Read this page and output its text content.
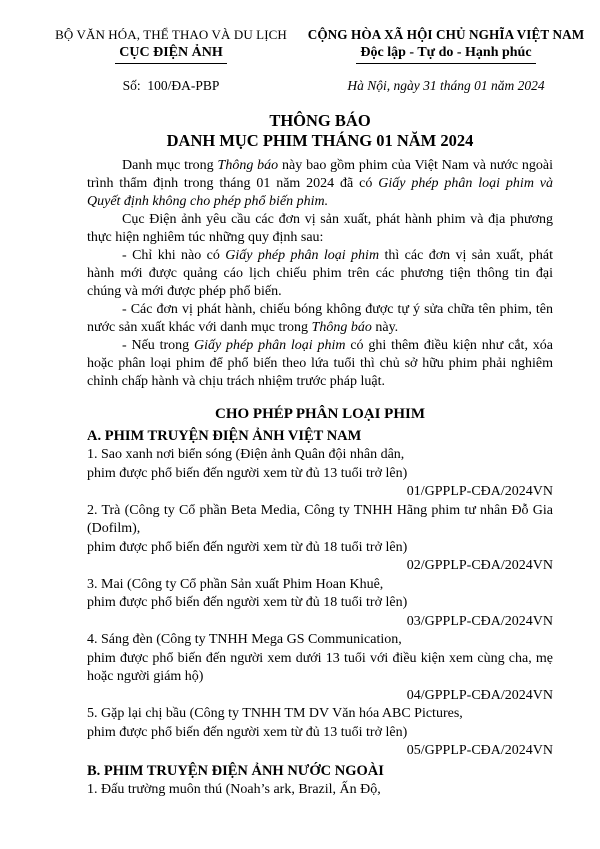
BỘ VĂN HÓA, THỂ THAO VÀ DU LỊCH
CỤC ĐIỆN ẢNH
Số:  100/ĐA-PBP
CỘNG HÒA XÃ HỘI CHỦ NGHĨA VIỆT NAM
Độc lập - Tự do - Hạnh phúc
Hà Nội, ngày 31 tháng 01 năm 2024
THÔNG BÁO
DANH MỤC PHIM THÁNG 01 NĂM 2024

Danh mục trong Thông báo này bao gồm phim của Việt Nam và nước ngoài trình thẩm định trong tháng 01 năm 2024 đã có Giấy phép phân loại phim và Quyết định không cho phép phổ biến phim.

Cục Điện ảnh yêu cầu các đơn vị sản xuất, phát hành phim và địa phương thực hiện nghiêm túc những quy định sau:

- Chỉ khi nào có Giấy phép phân loại phim thì các đơn vị sản xuất, phát hành mới được quảng cáo lịch chiếu phim trên các phương tiện thông tin đại chúng và mới được phép phổ biến.

- Các đơn vị phát hành, chiếu bóng không được tự ý sửa chữa tên phim, tên nước sản xuất khác với danh mục trong Thông báo này.

- Nếu trong Giấy phép phân loại phim có ghi thêm điều kiện như cắt, xóa hoặc phân loại phim để phổ biến theo lứa tuổi thì chủ sở hữu phim phải nghiêm chỉnh chấp hành và chịu trách nhiệm trước pháp luật.

CHO PHÉP PHÂN LOẠI PHIM

A. PHIM TRUYỆN ĐIỆN ẢNH VIỆT NAM

1. Sao xanh nơi biển sóng (Điện ảnh Quân đội nhân dân,
phim được phổ biến đến người xem từ đủ 13 tuổi trở lên)
01/GPPLP-CĐA/2024VN
2. Trà (Công ty Cổ phần Beta Media, Công ty TNHH Hãng phim tư nhân Đỗ Gia (Dofilm),
phim được phổ biến đến người xem từ đủ 18 tuổi trở lên)
02/GPPLP-CĐA/2024VN
3. Mai (Công ty Cổ phần Sản xuất Phim Hoan Khuê,
phim được phổ biến đến người xem từ đủ 18 tuổi trở lên)
03/GPPLP-CĐA/2024VN
4. Sáng đèn (Công ty TNHH Mega GS Communication,
phim được phổ biến đến người xem dưới 13 tuổi với điều kiện xem cùng cha, mẹ hoặc người giám hộ)
04/GPPLP-CĐA/2024VN
5. Gặp lại chị bầu (Công ty TNHH TM DV Văn hóa ABC Pictures,
phim được phổ biến đến người xem từ đủ 13 tuổi trở lên)
05/GPPLP-CĐA/2024VN

B. PHIM TRUYỆN ĐIỆN ẢNH NƯỚC NGOÀI

1. Đấu trường muôn thú (Noah’s ark, Brazil, Ấn Độ,
